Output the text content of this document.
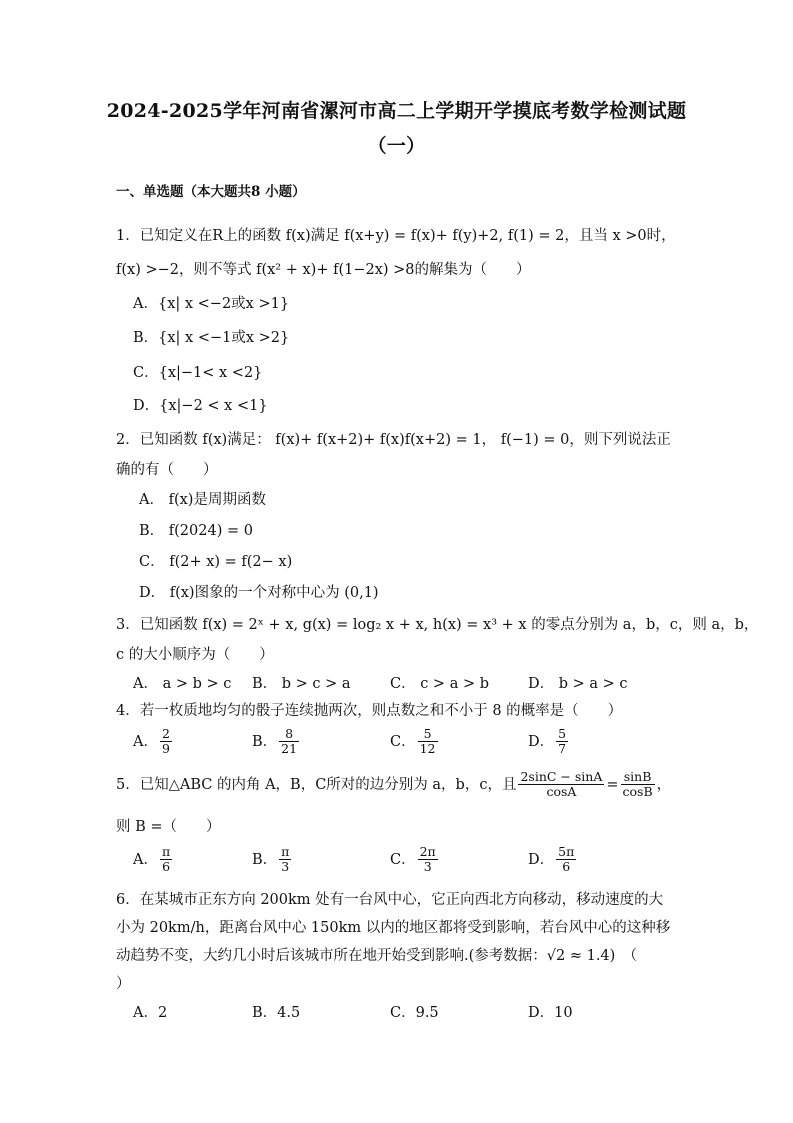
2024-2025学年河南省漯河市高二上学期开学摸底考数学检测试题
（一）
一、单选题（本大题共8 小题）
1．已知定义在R上的函数 f(x)满足 f(x+y) = f(x)+ f(y)+2, f(1) = 2，且当 x >0时，
f(x) >−2，则不等式 f(x² + x)+ f(1−2x) >8的解集为（　　）
A．{x| x <−2或x >1}
B．{x| x <−1或x >2}
C．{x|−1< x <2}
D．{x|−2 < x <1}
2．已知函数 f(x)满足： f(x)+ f(x+2)+ f(x)f(x+2) = 1， f(−1) = 0，则下列说法正
确的有（　　）
A． f(x)是周期函数
B． f(2024) = 0
C． f(2+ x) = f(2− x)
D． f(x)图象的一个对称中心为 (0,1)
3．已知函数 f(x) = 2ˣ + x, g(x) = log₂ x + x, h(x) = x³ + x 的零点分别为 a，b，c，则 a，b，
c 的大小顺序为（　　）
A． a > b > c B． b > c > a	C． c > a > b	D． b > a > c
4．若一枚质地均匀的骰子连续抛两次，则点数之和不小于 8 的概率是（　　）
A． $\frac{2}{9}$	B． $\frac{8}{21}$	C． $\frac{5}{12}$	D． $\frac{5}{7}$
5．已知△ABC 的内角 A，B，C所对的边分别为 a，b，c，且 $\frac{2\sin C - \sin A}{\cos A} = \frac{\sin B}{\cos B}$ ，
则 B =（　　）
A． $\frac{\pi}{6}$	B． $\frac{\pi}{3}$	C． $\frac{2\pi}{3}$	D． $\frac{5\pi}{6}$
6．在某城市正东方向 200km 处有一台风中心，它正向西北方向移动，移动速度的大
小为 20km/h，距离台风中心 150km 以内的地区都将受到影响，若台风中心的这种移
动趋势不变，大约几小时后该城市所在地开始受到影响.(参考数据：√2 ≈ 1.4)　（
）
A．2	B．4.5	C．9.5	D．10
